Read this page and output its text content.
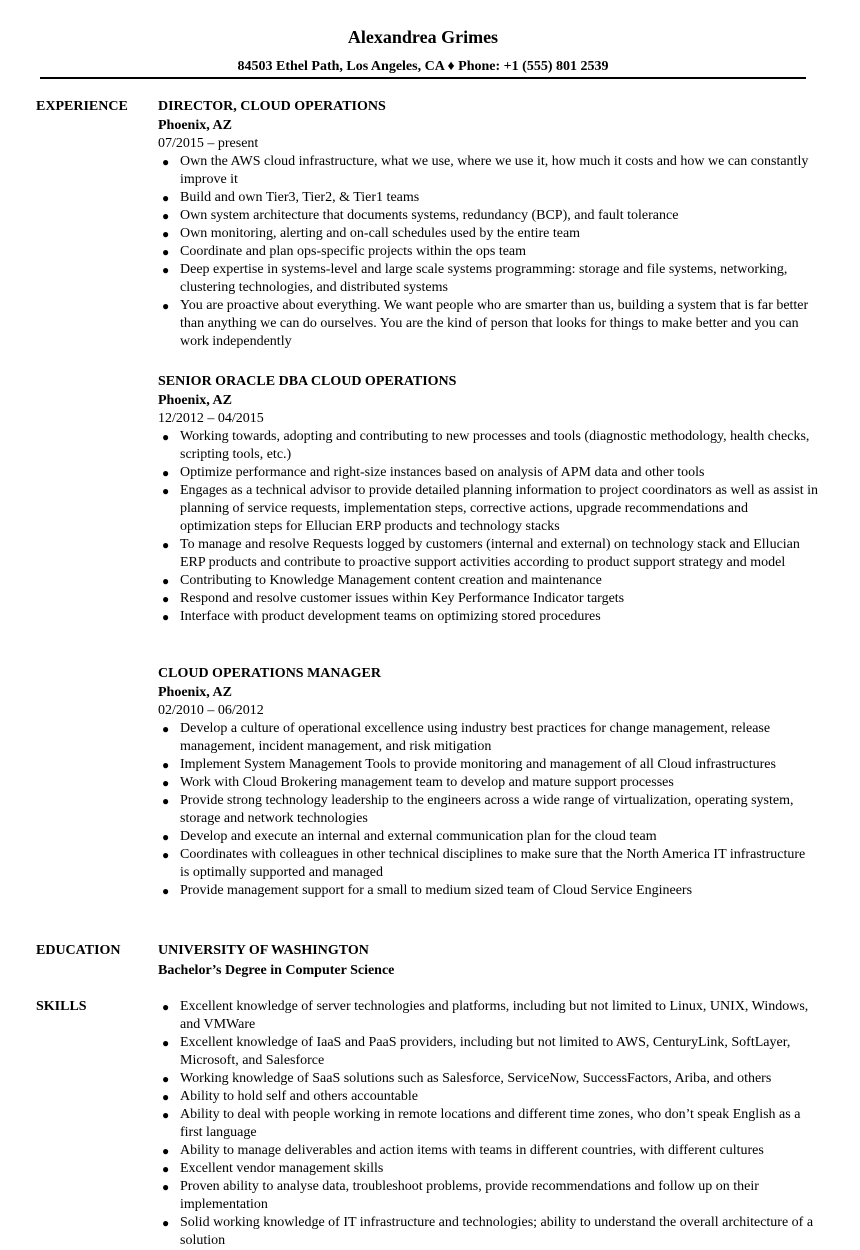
Alexandrea Grimes
84503 Ethel Path, Los Angeles, CA ♦ Phone: +1 (555) 801 2539
EXPERIENCE DIRECTOR, CLOUD OPERATIONS
Phoenix, AZ
07/2015 – present
● Own the AWS cloud infrastructure, what we use, where we use it, how much it costs and how we can constantly improve it
● Build and own Tier3, Tier2, & Tier1 teams
● Own system architecture that documents systems, redundancy (BCP), and fault tolerance
● Own monitoring, alerting and on-call schedules used by the entire team
● Coordinate and plan ops-specific projects within the ops team
● Deep expertise in systems-level and large scale systems programming: storage and file systems, networking, clustering technologies, and distributed systems
● You are proactive about everything. We want people who are smarter than us, building a system that is far better than anything we can do ourselves. You are the kind of person that looks for things to make better and you can work independently
SENIOR ORACLE DBA CLOUD OPERATIONS
Phoenix, AZ
12/2012 – 04/2015
● Working towards, adopting and contributing to new processes and tools (diagnostic methodology, health checks, scripting tools, etc.)
● Optimize performance and right-size instances based on analysis of APM data and other tools
● Engages as a technical advisor to provide detailed planning information to project coordinators as well as assist in planning of service requests, implementation steps, corrective actions, upgrade recommendations and optimization steps for Ellucian ERP products and technology stacks
● To manage and resolve Requests logged by customers (internal and external) on technology stack and Ellucian ERP products and contribute to proactive support activities according to product support strategy and model
● Contributing to Knowledge Management content creation and maintenance
● Respond and resolve customer issues within Key Performance Indicator targets
● Interface with product development teams on optimizing stored procedures
CLOUD OPERATIONS MANAGER
Phoenix, AZ
02/2010 – 06/2012
● Develop a culture of operational excellence using industry best practices for change management, release management, incident management, and risk mitigation
● Implement System Management Tools to provide monitoring and management of all Cloud infrastructures
● Work with Cloud Brokering management team to develop and mature support processes
● Provide strong technology leadership to the engineers across a wide range of virtualization, operating system, storage and network technologies
● Develop and execute an internal and external communication plan for the cloud team
● Coordinates with colleagues in other technical disciplines to make sure that the North America IT infrastructure is optimally supported and managed
● Provide management support for a small to medium sized team of Cloud Service Engineers
EDUCATION	UNIVERSITY OF WASHINGTON
Bachelor’s Degree in Computer Science
SKILLS	● Excellent knowledge of server technologies and platforms, including but not limited to Linux, UNIX, Windows, and VMWare
● Excellent knowledge of IaaS and PaaS providers, including but not limited to AWS, CenturyLink, SoftLayer, Microsoft, and Salesforce
● Working knowledge of SaaS solutions such as Salesforce, ServiceNow, SuccessFactors, Ariba, and others
● Ability to hold self and others accountable
● Ability to deal with people working in remote locations and different time zones, who don’t speak English as a first language
● Ability to manage deliverables and action items with teams in different countries, with different cultures
● Excellent vendor management skills
● Proven ability to analyse data, troubleshoot problems, provide recommendations and follow up on their implementation
● Solid working knowledge of IT infrastructure and technologies; ability to understand the overall architecture of a solution
